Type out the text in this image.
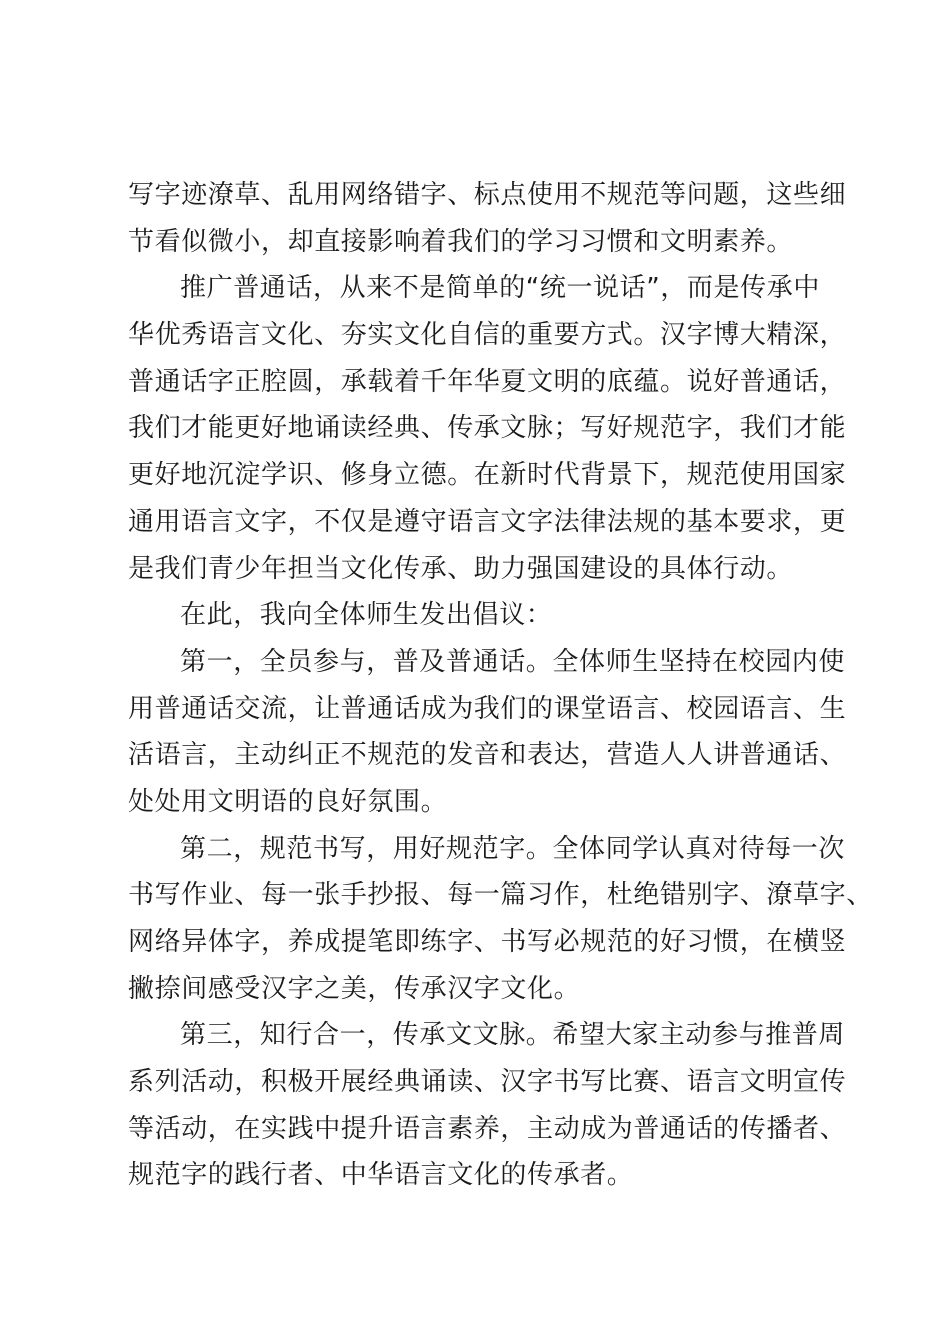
写字迹潦草、乱用网络错字、标点使用不规范等问题，这些细
节看似微小，却直接影响着我们的学习习惯和文明素养。
推广普通话，从来不是简单的“统一说话”，而是传承中
华优秀语言文化、夯实文化自信的重要方式。汉字博大精深，
普通话字正腔圆，承载着千年华夏文明的底蕴。说好普通话，
我们才能更好地诵读经典、传承文脉；写好规范字，我们才能
更好地沉淀学识、修身立德。在新时代背景下，规范使用国家
通用语言文字，不仅是遵守语言文字法律法规的基本要求，更
是我们青少年担当文化传承、助力强国建设的具体行动。
在此，我向全体师生发出倡议：
第一，全员参与，普及普通话。全体师生坚持在校园内使
用普通话交流，让普通话成为我们的课堂语言、校园语言、生
活语言，主动纠正不规范的发音和表达，营造人人讲普通话、
处处用文明语的良好氛围。
第二，规范书写，用好规范字。全体同学认真对待每一次
书写作业、每一张手抄报、每一篇习作，杜绝错别字、潦草字、
网络异体字，养成提笔即练字、书写必规范的好习惯，在横竖
撇捺间感受汉字之美，传承汉字文化。
第三，知行合一，传承文文脉。希望大家主动参与推普周
系列活动，积极开展经典诵读、汉字书写比赛、语言文明宣传
等活动，在实践中提升语言素养，主动成为普通话的传播者、
规范字的践行者、中华语言文化的传承者。
